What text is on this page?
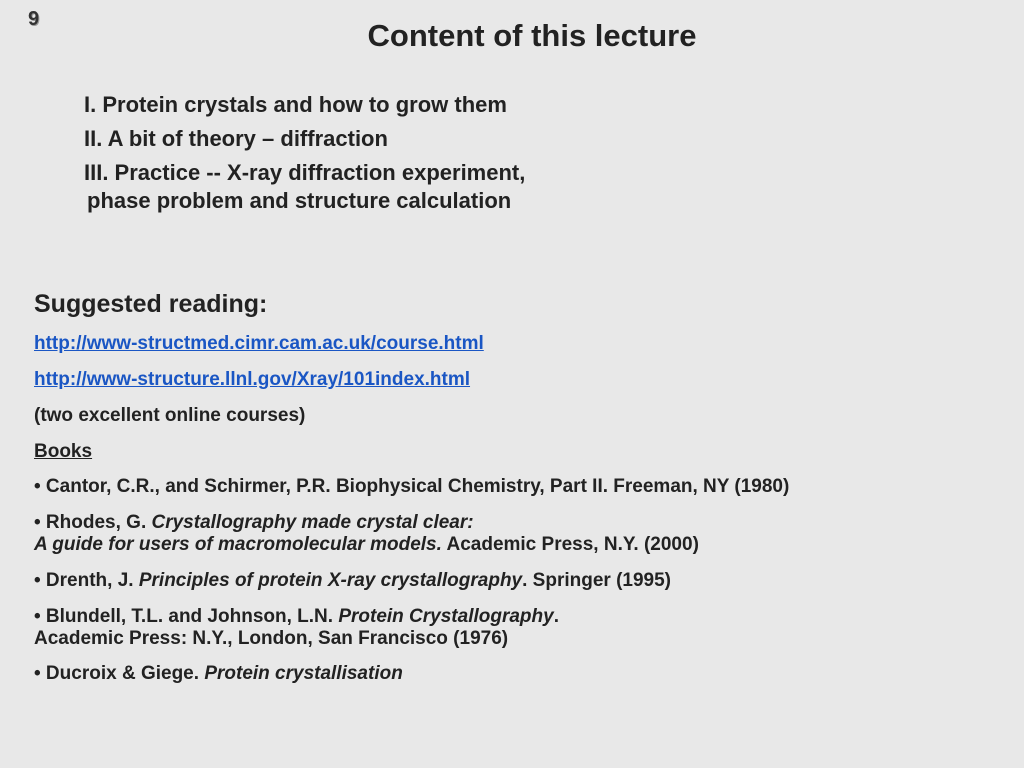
9	Content of this lecture
I. Protein crystals and how to grow them
II. A bit of theory – diffraction
III. Practice -- X-ray diffraction experiment,
phase problem and structure calculation
Suggested reading:
http://www-structmed.cimr.cam.ac.uk/course.html
http://www-structure.llnl.gov/Xray/101index.html
(two excellent online courses)
Books
• Cantor, C.R., and Schirmer, P.R. Biophysical Chemistry, Part II. Freeman, NY (1980)
• Rhodes, G. Crystallography made crystal clear:
A guide for users of macromolecular models. Academic Press, N.Y. (2000)
• Drenth, J. Principles of protein X-ray crystallography. Springer (1995)
• Blundell, T.L. and Johnson, L.N. Protein Crystallography.
Academic Press: N.Y., London, San Francisco (1976)
• Ducroix & Giege. Protein crystallisation
